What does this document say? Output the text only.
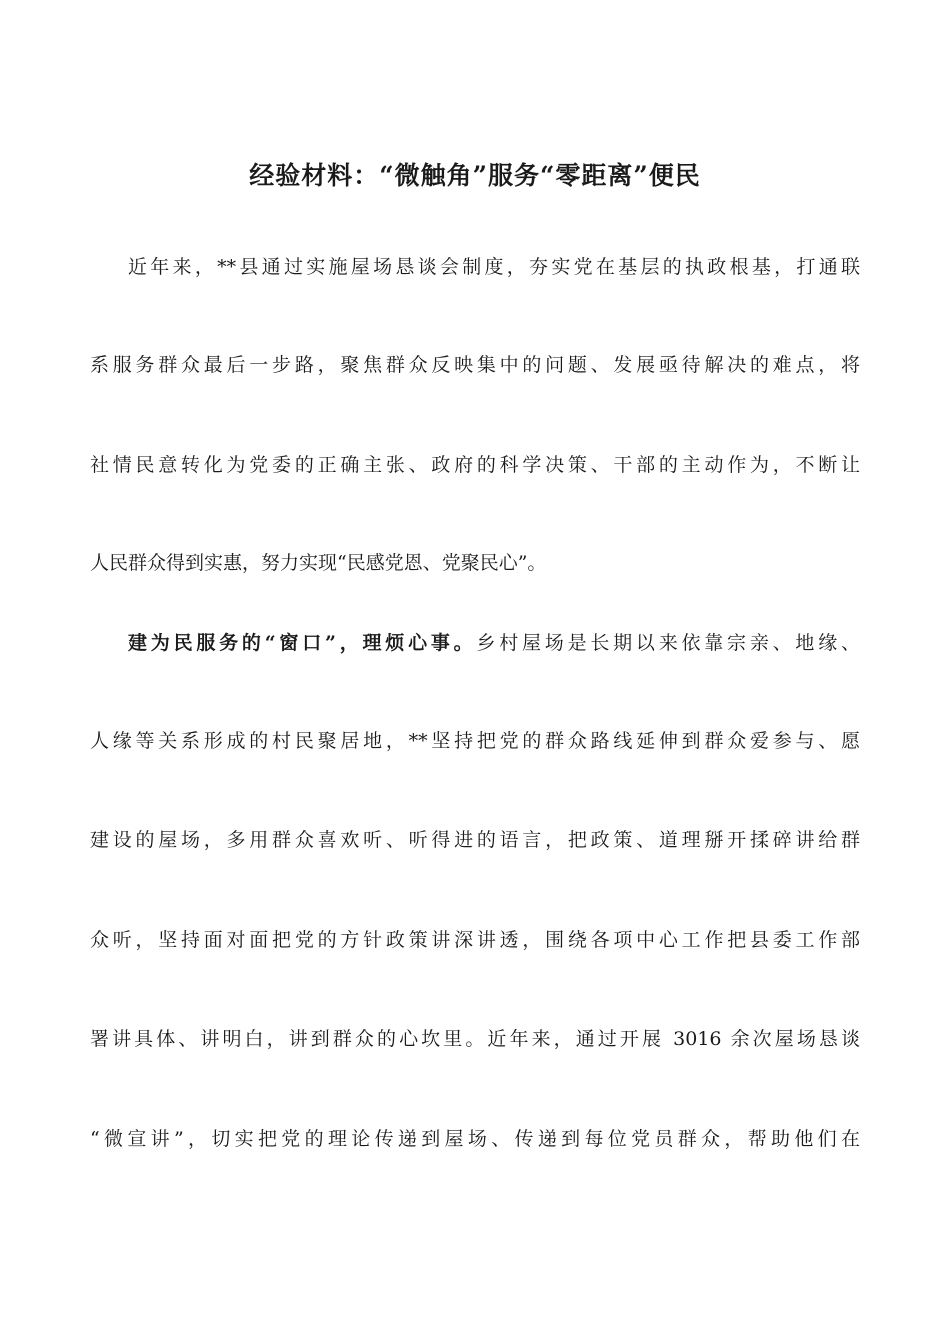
经验材料：“微触角”服务“零距离”便民

近年来，**县通过实施屋场恳谈会制度，夯实党在基层的执政根基，打通联

系服务群众最后一步路，聚焦群众反映集中的问题、发展亟待解决的难点，将

社情民意转化为党委的正确主张、政府的科学决策、干部的主动作为，不断让

人民群众得到实惠，努力实现“民感党恩、党聚民心”。

建为民服务的“窗口”，理烦心事。乡村屋场是长期以来依靠宗亲、地缘、

人缘等关系形成的村民聚居地，**坚持把党的群众路线延伸到群众爱参与、愿

建设的屋场，多用群众喜欢听、听得进的语言，把政策、道理掰开揉碎讲给群

众听，坚持面对面把党的方针政策讲深讲透，围绕各项中心工作把县委工作部

署讲具体、讲明白，讲到群众的心坎里。近年来，通过开展 3016 余次屋场恳谈

“微宣讲”，切实把党的理论传递到屋场、传递到每位党员群众，帮助他们在
